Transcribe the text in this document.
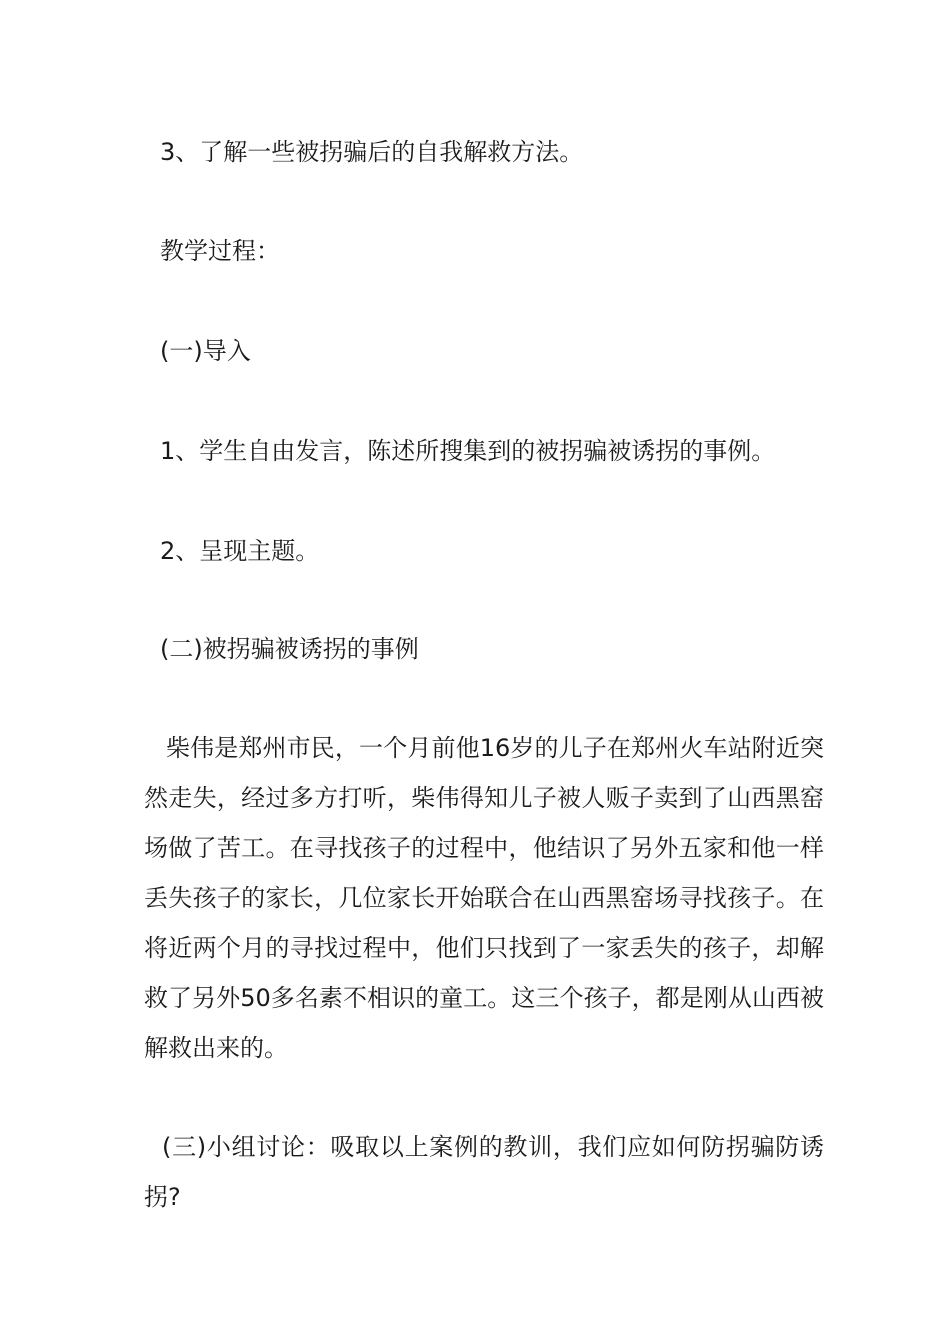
3、了解一些被拐骗后的自我解救方法。
教学过程：
(一)导入
1、学生自由发言，陈述所搜集到的被拐骗被诱拐的事例。
2、呈现主题。
(二)被拐骗被诱拐的事例
柴伟是郑州市民，一个月前他16岁的儿子在郑州火车站附近突然走失，经过多方打听，柴伟得知儿子被人贩子卖到了山西黑窑场做了苦工。在寻找孩子的过程中，他结识了另外五家和他一样丢失孩子的家长，几位家长开始联合在山西黑窑场寻找孩子。在将近两个月的寻找过程中，他们只找到了一家丢失的孩子，却解救了另外50多名素不相识的童工。这三个孩子，都是刚从山西被解救出来的。
(三)小组讨论：吸取以上案例的教训，我们应如何防拐骗防诱拐?
